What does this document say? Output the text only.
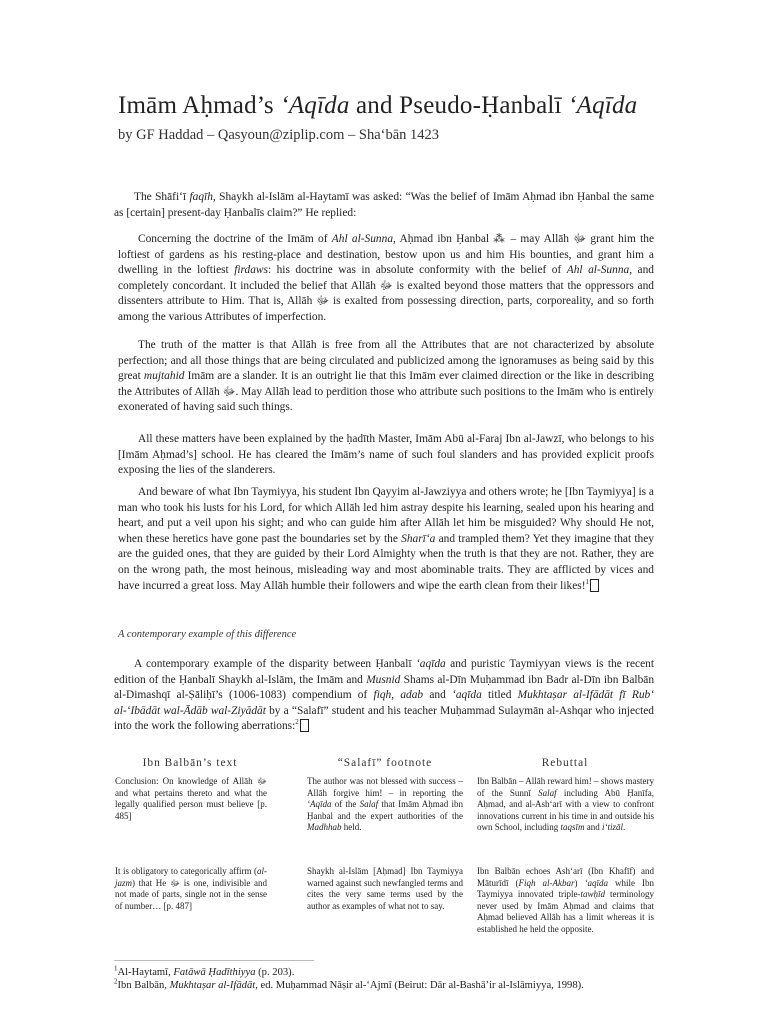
Imām Aḥmad’s ‘Aqīda and Pseudo-Ḥanbalī ‘Aqīda
by GF Haddad – Qasyoun@ziplip.com – Sha‘bān 1423

The Shāfi‘ī faqīh, Shaykh al-Islām al-Haytamī was asked: “Was the belief of Imām Aḥmad ibn Ḥanbal the same as [certain] present-day Ḥanbalīs claim?” He replied:

Concerning the doctrine of the Imām of Ahl al-Sunna, Aḥmad ibn Ḥanbal ⁂ – may Allāh ﷻ grant him the loftiest of gardens as his resting-place and destination, bestow upon us and him His bounties, and grant him a dwelling in the loftiest firdaws: his doctrine was in absolute conformity with the belief of Ahl al-Sunna, and completely concordant. It included the belief that Allāh ﷻ is exalted beyond those matters that the oppressors and dissenters attribute to Him. That is, Allāh ﷻ is exalted from possessing direction, parts, corporeality, and so forth among the various Attributes of imperfection.

The truth of the matter is that Allāh is free from all the Attributes that are not characterized by absolute perfection; and all those things that are being circulated and publicized among the ignoramuses as being said by this great mujtahid Imām are a slander. It is an outright lie that this Imām ever claimed direction or the like in describing the Attributes of Allāh ﷻ. May Allāh lead to perdition those who attribute such positions to the Imām who is entirely exonerated of having said such things.

All these matters have been explained by the ḥadīth Master, Imām Abū al-Faraj Ibn al-Jawzī, who belongs to his [Imām Aḥmad’s] school. He has cleared the Imām’s name of such foul slanders and has provided explicit proofs exposing the lies of the slanderers.

And beware of what Ibn Taymiyya, his student Ibn Qayyim al-Jawziyya and others wrote; he [Ibn Taymiyya] is a man who took his lusts for his Lord, for which Allāh led him astray despite his learning, sealed upon his hearing and heart, and put a veil upon his sight; and who can guide him after Allāh let him be misguided? Why should He not, when these heretics have gone past the boundaries set by the Sharī‘a and trampled them? Yet they imagine that they are the guided ones, that they are guided by their Lord Almighty when the truth is that they are not. Rather, they are on the wrong path, the most heinous, misleading way and most abominable traits. They are afflicted by vices and have incurred a great loss. May Allāh humble their followers and wipe the earth clean from their likes!$^1$

A contemporary example of this difference

A contemporary example of the disparity between Ḥanbalī ‘aqīda and puristic Taymiyyan views is the recent edition of the Ḥanbalī Shaykh al-Islām, the Imām and Musnid Shams al-Dīn Muḥammad ibn Badr al-Dīn ibn Balbān al-Dimashqī al-Ṣāliḥī’s (1006-1083) compendium of fiqh, adab and ‘aqīda titled Mukhtaṣar al-Ifādāt fī Rub‘ al-‘Ibādāt wal-Ādāb wal-Ziyādāt by a “Salafī” student and his teacher Muḥammad Sulaymān al-Ashqar who injected into the work the following aberrations:$^2$

Ibn Balbān’s text	“Salafī” footnote	Rebuttal
Conclusion: On knowledge of Allāh ﷻ and what pertains thereto and what the legally qualified person must believe [p. 485]
The author was not blessed with success – Allāh forgive him! – in reporting the ‘Aqīda of the Salaf that Imām Aḥmad ibn Ḥanbal and the expert authorities of the Madhhab held.
Ibn Balbān – Allāh reward him! – shows mastery of the Sunnī Salaf including Abū Ḥanīfa, Aḥmad, and al-Ash‘arī with a view to confront innovations current in his time in and outside his own School, including taqsīm and i‘tizāl.
It is obligatory to categorically affirm (al-jazm) that He ﷻ is one, indivisible and not made of parts, single not in the sense of number… [p. 487]
Shaykh al-Islām [Aḥmad] Ibn Taymiyya warned against such newfangled terms and cites the very same terms used by the author as examples of what not to say.
Ibn Balbān echoes Ash‘arī (Ibn Khafīf) and Māturīdī (Fiqh al-Akbar) ‘aqīda while Ibn Taymiyya innovated triple-tawḥīd terminology never used by Imām Aḥmad and claims that Aḥmad believed Allāh has a limit whereas it is established he held the opposite.
$^1$Al-Haytamī, Fatāwā Ḥadīthiyya (p. 203).
$^2$Ibn Balbān, Mukhtaṣar al-Ifādāt, ed. Muḥammad Nāṣir al-‘Ajmī (Beirut: Dār al-Bashā’ir al-Islāmiyya, 1998).
